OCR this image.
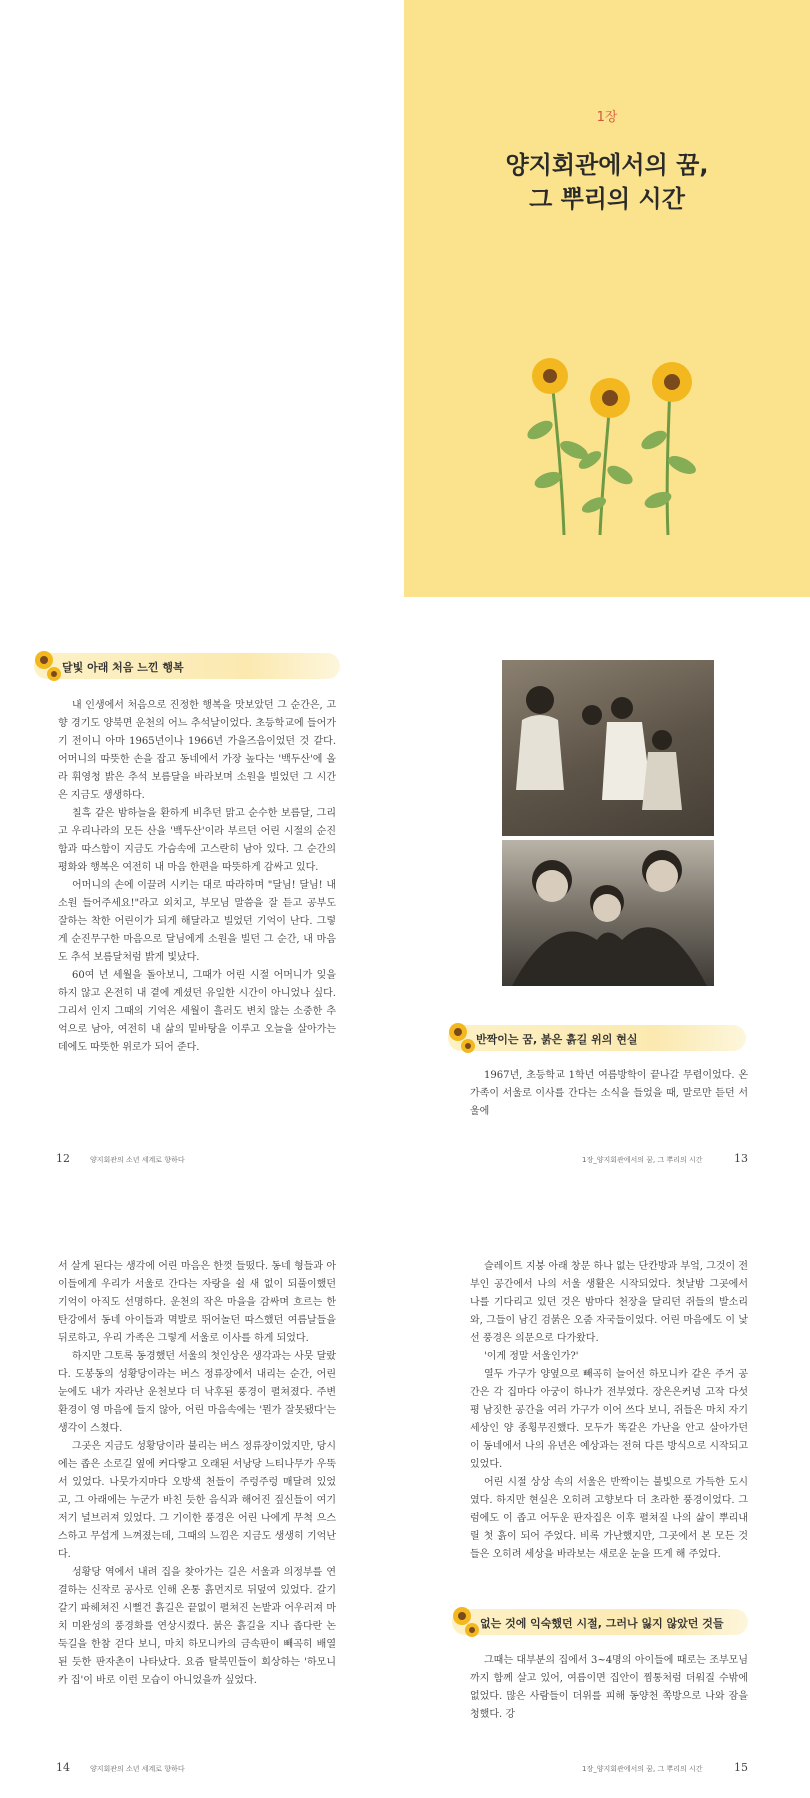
1장
양지회관에서의 꿈,
그 뿌리의 시간
달빛 아래 처음 느낀 행복

내 인생에서 처음으로 진정한 행복을 맛보았던 그 순간은, 고향 경기도 양북면 운천의 어느 추석날이었다. 초등학교에 들어가기 전이니 아마 1965년이나 1966년 가을즈음이었던 것 같다. 어머니의 따뜻한 손을 잡고 동네에서 가장 높다는 '백두산'에 올라 휘영청 밝은 추석 보름달을 바라보며 소원을 빌었던 그 시간은 지금도 생생하다.

칠흑 같은 밤하늘을 환하게 비추던 맑고 순수한 보름달, 그리고 우리나라의 모든 산을 '백두산'이라 부르던 어린 시절의 순진함과 따스함이 지금도 가슴속에 고스란히 남아 있다. 그 순간의 평화와 행복은 여전히 내 마음 한편을 따뜻하게 감싸고 있다.

어머니의 손에 이끌려 시키는 대로 따라하며 "달님! 달님! 내 소원 들어주세요!"라고 외치고, 부모님 말씀을 잘 듣고 공부도 잘하는 착한 어린이가 되게 해달라고 빌었던 기억이 난다. 그렇게 순진무구한 마음으로 달님에게 소원을 빌던 그 순간, 내 마음도 추석 보름달처럼 밝게 빛났다.

60여 년 세월을 돌아보니, 그때가 어린 시절 어머니가 잊을 하지 않고 온전히 내 곁에 계셨던 유일한 시간이 아니었나 싶다. 그리서 인지 그때의 기억은 세월이 흘러도 변치 않는 소중한 추억으로 남아, 여전히 내 삶의 밑바탕을 이루고 오늘을 살아가는 데에도 따뜻한 위로가 되어 준다.

12	양지회관의 소년 세계로 향하다
반짝이는 꿈, 붉은 흙길 위의 현실

1967년, 초등학교 1학년 여름방학이 끝나갈 무렵이었다. 온 가족이 서울로 이사를 간다는 소식을 들었을 때, 말로만 듣던 서울에

1장_양지회관에서의 꿈, 그 뿌리의 시간	13

서 살게 된다는 생각에 어린 마음은 한껏 들떴다. 동네 형들과 아이들에게 우리가 서울로 간다는 자랑을 쉴 새 없이 되풀이했던 기억이 아직도 선명하다. 운천의 작은 마을을 감싸며 흐르는 한탄강에서 동네 아이들과 멱발로 뛰어놀던 따스했던 여름날들을 뒤로하고, 우리 가족은 그렇게 서울로 이사를 하게 되었다.

하지만 그토록 동경했던 서울의 첫인상은 생각과는 사뭇 달랐다. 도봉동의 성황당이라는 버스 정류장에서 내리는 순간, 어린 눈에도 내가 자라난 운천보다 더 낙후된 풍경이 펼쳐졌다. 주변 환경이 영 마음에 들지 않아, 어린 마음속에는 '뭔가 잘못됐다'는 생각이 스쳤다.

그곳은 지금도 성황당이라 불리는 버스 정류장이었지만, 당시에는 좁은 소로길 옆에 커다랗고 오래된 서낭당 느티나무가 우뚝 서 있었다. 나뭇가지마다 오방색 천들이 주렁주렁 매달려 있었고, 그 아래에는 누군가 바친 듯한 음식과 해어진 짚신들이 여기저기 널브러져 있었다. 그 기이한 풍경은 어린 나에게 무척 으스스하고 무섭게 느껴졌는데, 그때의 느낌은 지금도 생생히 기억난다.

성황당 역에서 내려 집을 찾아가는 길은 서울과 의정부를 연결하는 신작로 공사로 인해 온통 흙먼지로 뒤덮여 있었다. 갈기갈기 파헤쳐진 시뻘건 흙길은 끝없이 펼쳐진 논밭과 어우러져 마치 미완성의 풍경화를 연상시켰다. 붉은 흙길을 지나 좁다란 논둑길을 한참 걷다 보니, 마치 하모니카의 금속판이 빼곡히 배열된 듯한 판자촌이 나타났다. 요즘 탈북민들이 회상하는 '하모니카 집'이 바로 이런 모습이 아니었을까 싶었다.

14	양지회관의 소년 세계로 향하다

슬레이트 지붕 아래 창문 하나 없는 단칸방과 부엌, 그것이 전부인 공간에서 나의 서울 생활은 시작되었다. 첫날밤 그곳에서 나를 기다리고 있던 것은 밤마다 천장을 달리던 쥐들의 발소리와, 그들이 남긴 검붉은 오줌 자국들이었다. 어린 마음에도 이 낯선 풍경은 의문으로 다가왔다.

'이게 정말 서울인가?'

열두 가구가 양옆으로 빼곡히 늘어선 하모니카 같은 주거 공간은 각 집마다 아궁이 하나가 전부였다. 장은은커녕 고작 다섯 평 남짓한 공간을 여러 가구가 이어 쓰다 보니, 쥐들은 마치 자기 세상인 양 종횡무진했다. 모두가 똑같은 가난을 안고 살아가던 이 동네에서 나의 유년은 예상과는 전혀 다른 방식으로 시작되고 있었다.

어린 시절 상상 속의 서울은 반짝이는 불빛으로 가득한 도시였다. 하지만 현실은 오히려 고향보다 더 초라한 풍경이었다. 그럼에도 이 좁고 어두운 판자집은 이후 펼쳐질 나의 삶이 뿌리내릴 첫 흙이 되어 주었다. 비록 가난했지만, 그곳에서 본 모든 것들은 오히려 세상을 바라보는 새로운 눈을 뜨게 해 주었다.

없는 것에 익숙했던 시절, 그러나 잃지 않았던 것들

그때는 대부분의 집에서 3~4명의 아이들에 때로는 조부모님까지 함께 살고 있어, 여름이면 집안이 찜통처럼 더워질 수밖에 없었다. 많은 사람들이 더위를 피해 동양천 쪽방으로 나와 잠을 청했다. 강

1장_양지회관에서의 꿈, 그 뿌리의 시간	15
